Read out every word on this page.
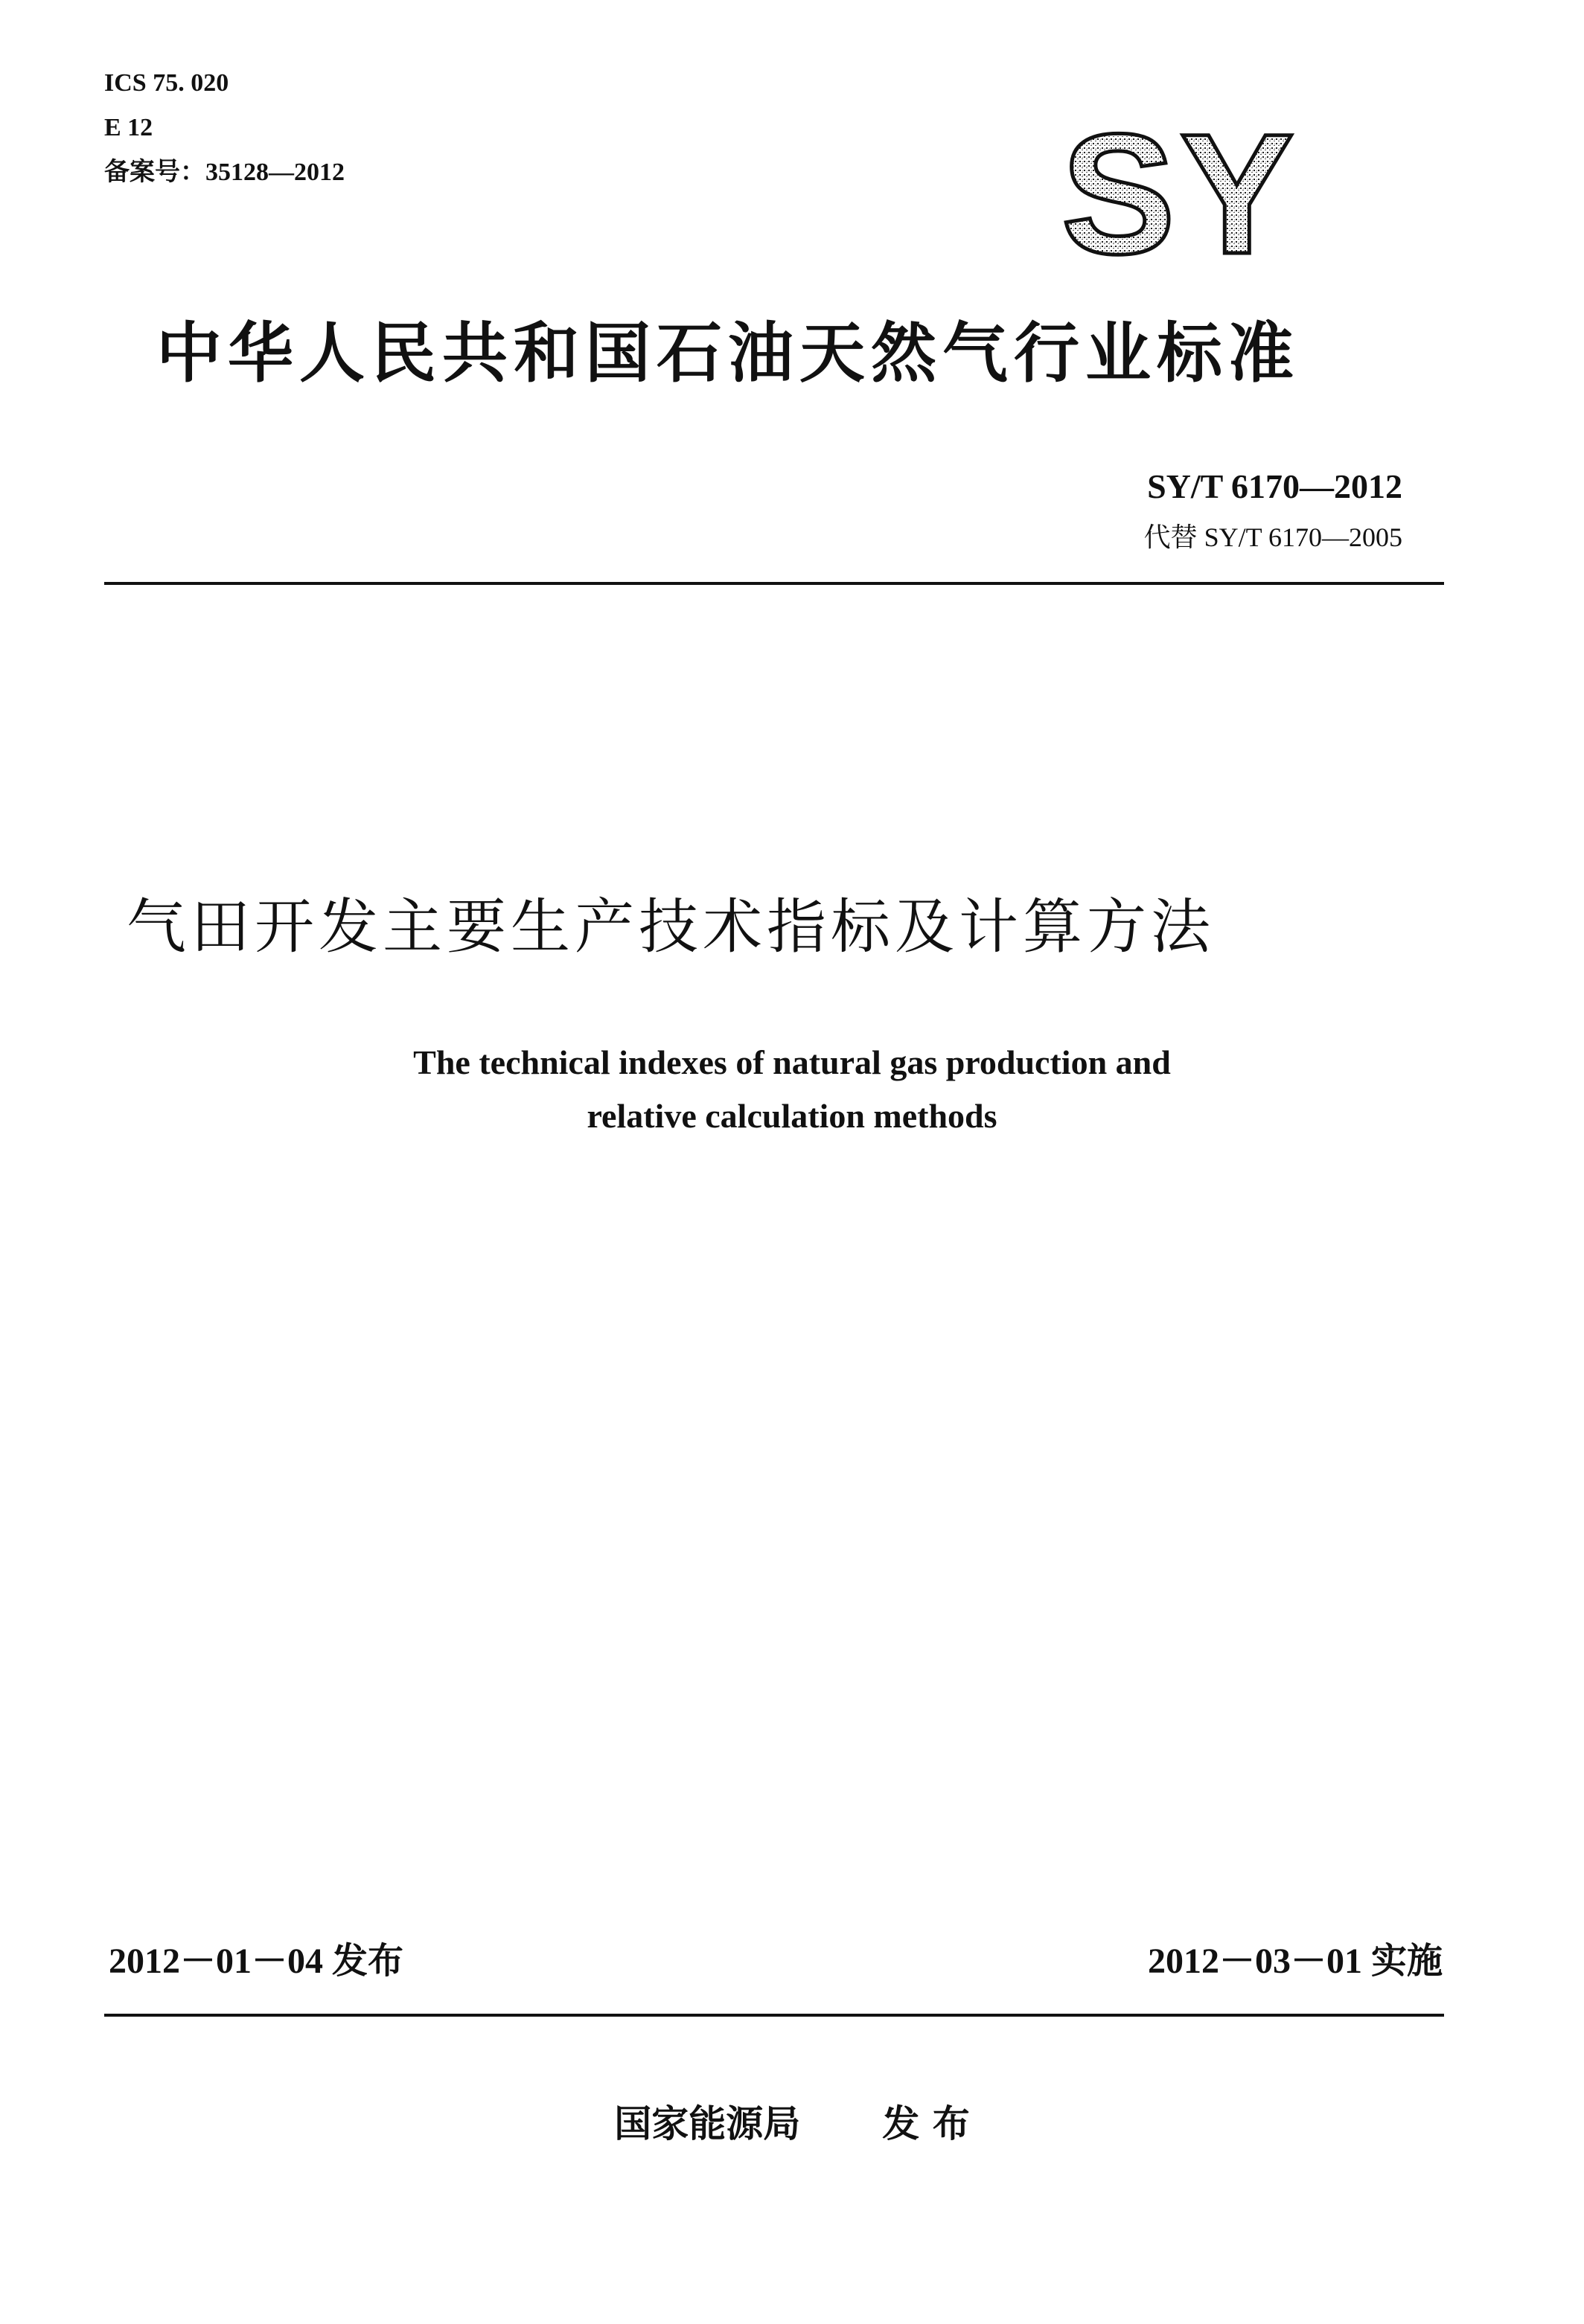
ICS 75. 020
E 12
备案号：35128—2012	SY
中华人民共和国石油天然气行业标准
SY/T 6170—2012
代替 SY/T 6170—2005
气田开发主要生产技术指标及计算方法
The technical indexes of natural gas production and
relative calculation methods
2012－01－04 发布	2012－03－01 实施
国家能源局 发 布
